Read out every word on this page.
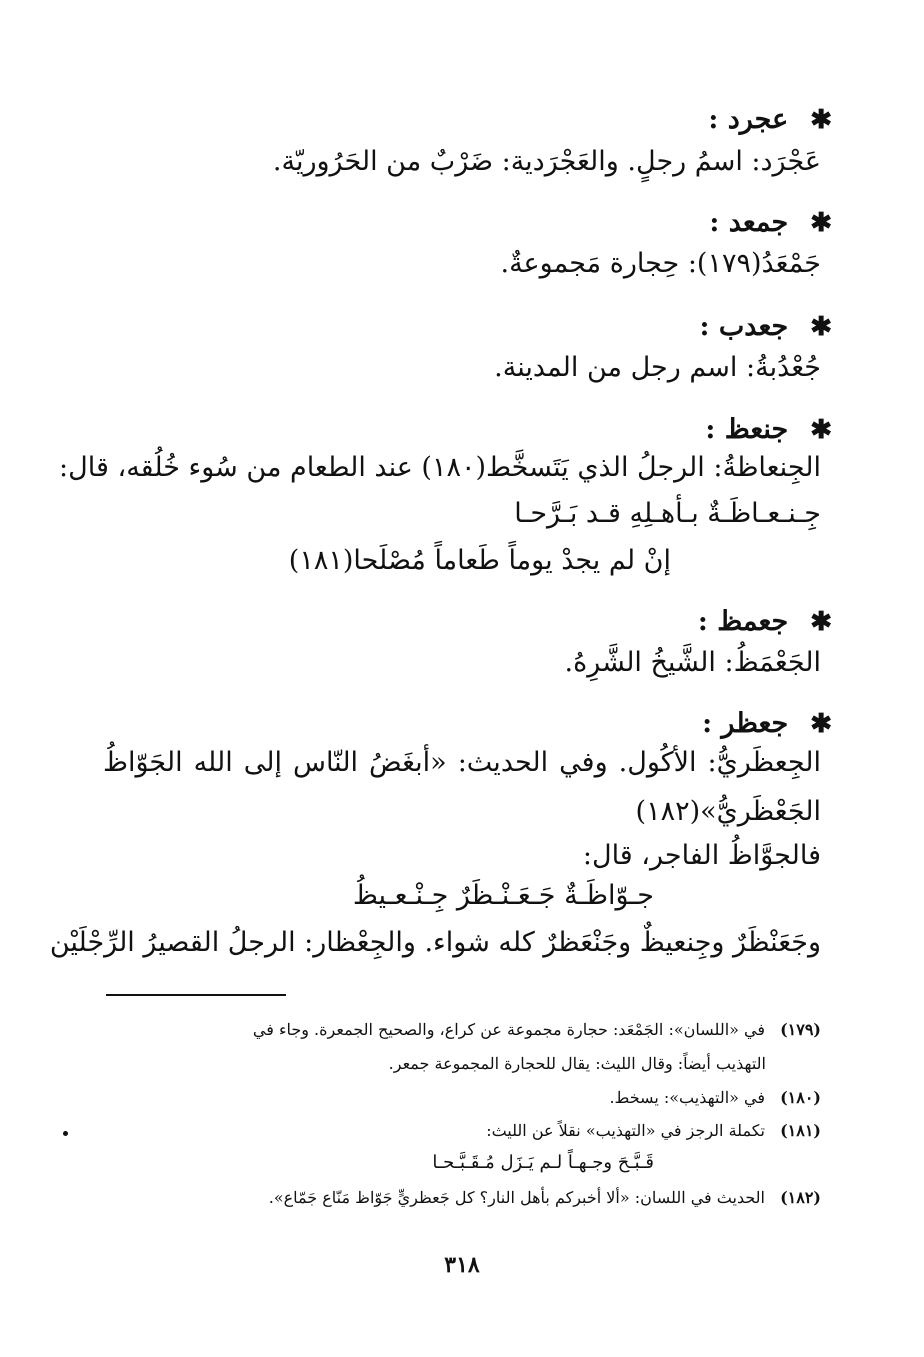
✱
عجرد :
عَجْرَد: اسمُ رجلٍ. والعَجْرَدية: ضَرْبٌ من الحَرُوريّة.
✱
جمعد :
جَمْعَدُ(١٧٩): حِجارة مَجموعةٌ.
✱
جعدب :
جُعْدُبةُ: اسم رجل من المدينة.
✱
جنعظ :
الجِنعاظةُ: الرجلُ الذي يَتَسخَّط(١٨٠) عند الطعام من سُوء خُلُقه، قال:
جِـنـعـاظَـةٌ بـأهـلِهِ قـد بَـرَّحـا
إنْ لم يجدْ يوماً طَعاماً مُصْلَحا(١٨١)
✱
جعمظ :
الجَعْمَظُ: الشَّيخُ الشَّرِهُ.
✱
جعظر :
الجِعظَريُّ: الأكُول. وفي الحديث: «أبغَضُ النّاس إلى الله الجَوّاظُ
الجَعْظَريُّ»(١٨٢)
فالجوَّاظُ الفاجر، قال:
جـوّاظَـةٌ جَـعَـنْـظَرٌ جِـنْـعـيظُ
وجَعَنْظَرٌ وجِنعيظٌ وجَنْعَظرٌ كله شواء. والجِعْظار: الرجلُ القصيرُ الرِّجْلَيْن
(١٧٩)
في «اللسان»: الجَمْعَد: حجارة مجموعة عن كراع، والصحيح الجمعرة. وجاء في
التهذيب أيضاً: وقال الليث: يقال للحجارة المجموعة جمعر.
(١٨٠)
في «التهذيب»: يسخط.
(١٨١)
تكملة الرجز في «التهذيب» نقلاً عن الليث:
قَـبَّـحَ وجـهـاً لـم يَـزَل مُـقَـبَّـحـا
(١٨٢)
الحديث في اللسان: «ألا أخبركم بأهل النار؟ كل جَعظريٍّ جَوّاظ مَنّاع جَمّاع».
٣١٨
